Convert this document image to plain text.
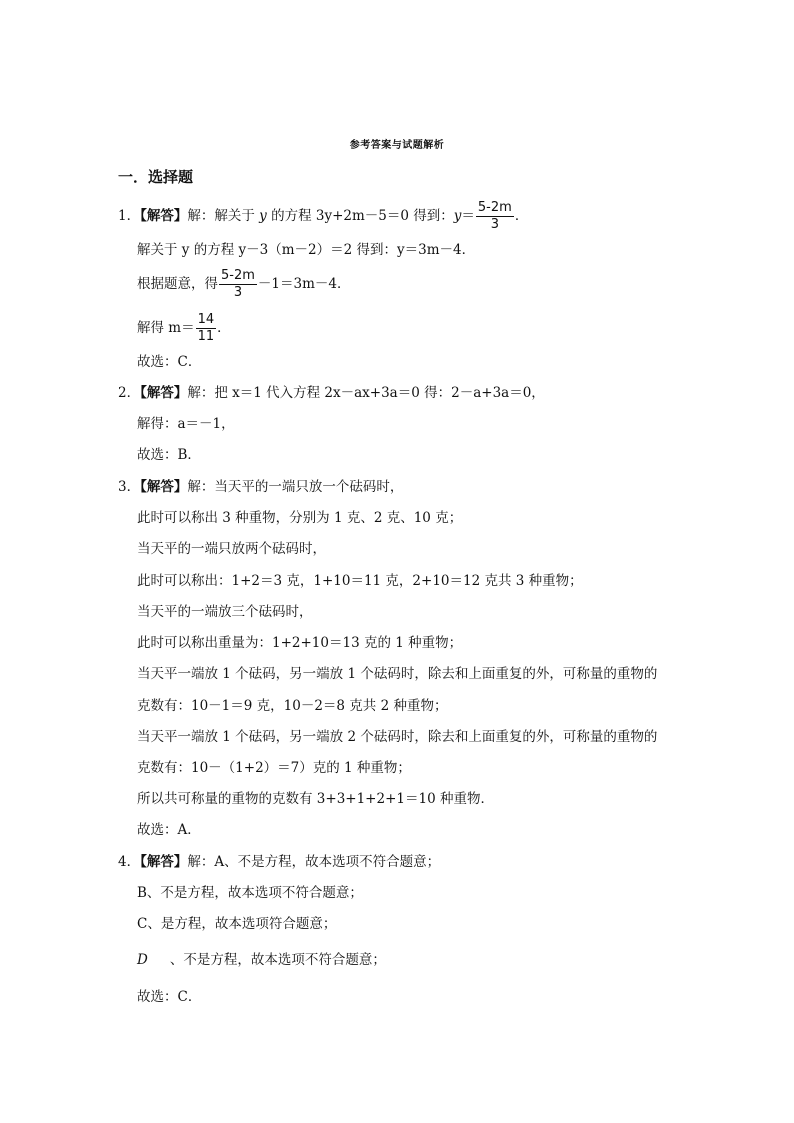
参考答案与试题解析
一．选择题
1．【解答】解：解关于 y 的方程 3y+2m－5＝0 得到：$y= \frac{5-2m}{3}$ ．
解关于 y 的方程 y－3（m－2）＝2 得到：y＝3m－4．
根据题意，得 $\frac{5-2m}{3} -1=3m-4$．
解得 $m= \frac{14}{11}$ ．
故选：C．
2．【解答】解：把 x＝1 代入方程 2x－ax+3a＝0 得：2－a+3a＝0，
解得：a＝－1，
故选：B．
3．【解答】解：当天平的一端只放一个砝码时，
此时可以称出 3 种重物，分别为 1 克、2 克、10 克；
当天平的一端只放两个砝码时，
此时可以称出：1+2＝3 克，1+10＝11 克，2+10＝12 克共 3 种重物；
当天平的一端放三个砝码时，
此时可以称出重量为：1+2+10＝13 克的 1 种重物；
当天平一端放 1 个砝码，另一端放 1 个砝码时，除去和上面重复的外，可称量的重物的
克数有：10－1＝9 克，10－2＝8 克共 2 种重物；
当天平一端放 1 个砝码，另一端放 2 个砝码时，除去和上面重复的外，可称量的重物的
克数有：10－（1+2）＝7）克的 1 种重物；
所以共可称量的重物的克数有 3+3+1+2+1＝10 种重物．
故选：A．
4．【解答】解：A、不是方程，故本选项不符合题意；
B、不是方程，故本选项不符合题意；
C、是方程，故本选项符合题意；
D 、不是方程，故本选项不符合题意；
故选：C．
